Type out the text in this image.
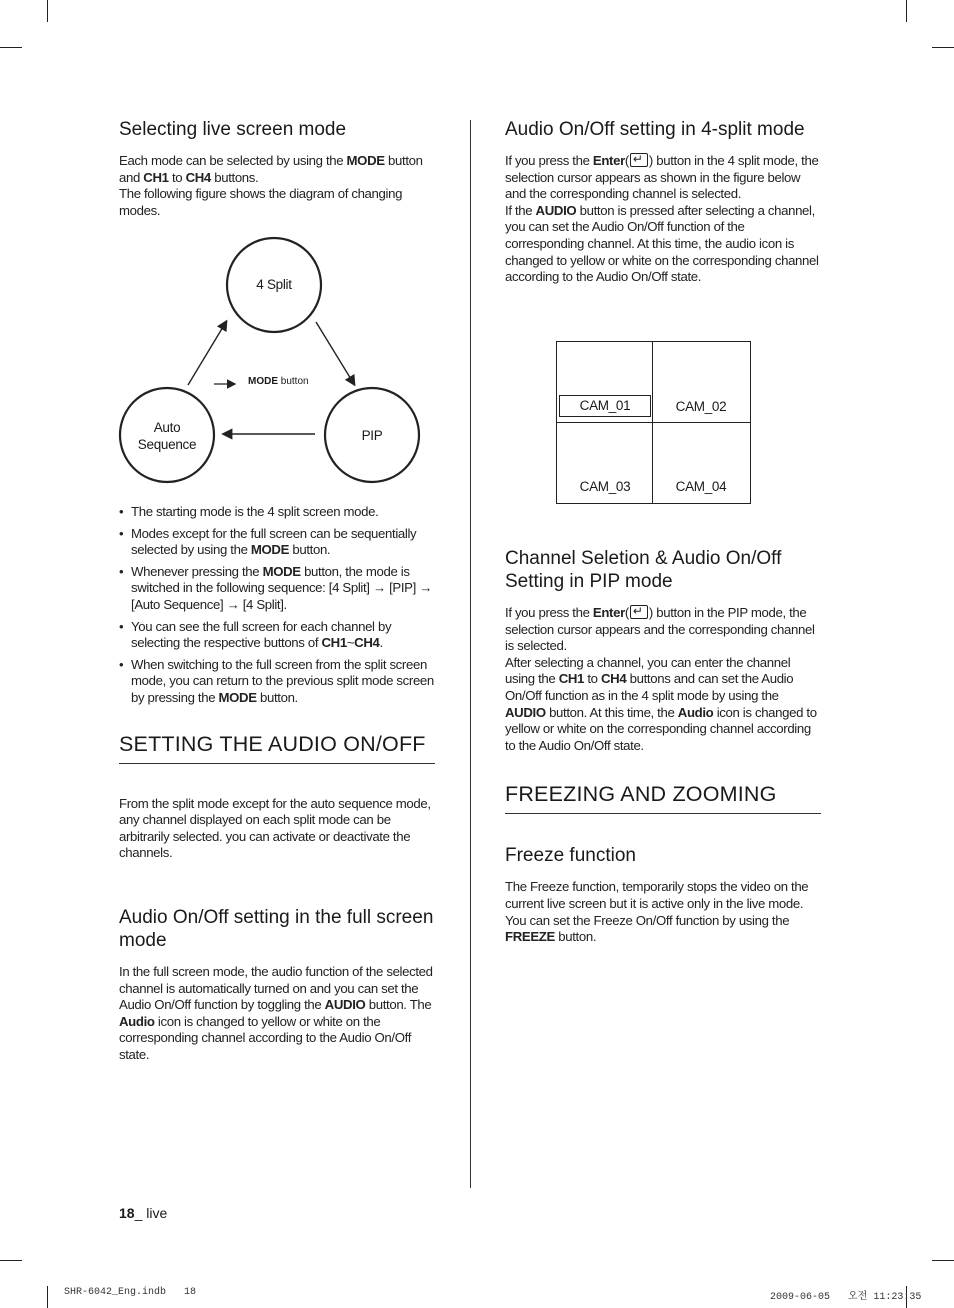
Selecting live screen mode

Each mode can be selected by using the MODE button and CH1 to CH4 buttons.

The following figure shows the diagram of changing modes.

4 Split
Auto
Sequence
PIP
MODE button
• The starting mode is the 4 split screen mode.
• Modes except for the full screen can be sequentially selected by using the MODE button.
• Whenever pressing the MODE button, the mode is switched in the following sequence: [4 Split] → [PIP] → [Auto Sequence] → [4 Split].
• You can see the full screen for each channel by selecting the respective buttons of CH1~CH4.
• When switching to the full screen from the split screen mode, you can return to the previous split mode screen by pressing the MODE button.
SETTING THE AUDIO ON/OFF

From the split mode except for the auto sequence mode, any channel displayed on each split mode can be arbitrarily selected. you can activate or deactivate the channels.

Audio On/Off setting in the full screen mode

In the full screen mode, the audio function of the selected channel is automatically turned on and you can set the Audio On/Off function by toggling the AUDIO button. The Audio icon is changed to yellow or white on the corresponding channel according to the Audio On/Off state.

Audio On/Off setting in 4-split mode

If you press the Enter( ↵ ) button in the 4 split mode, the selection cursor appears as shown in the figure below and the corresponding channel is selected.

If the AUDIO button is pressed after selecting a channel, you can set the Audio On/Off function of the corresponding channel. At this time, the audio icon is changed to yellow or white on the corresponding channel according to the Audio On/Off state.

CAM_01	CAM_02
CAM_03	CAM_04
Channel Seletion & Audio On/Off Setting in PIP mode

If you press the Enter( ↵ ) button in the PIP mode, the selection cursor appears and the corresponding channel is selected.

After selecting a channel, you can enter the channel using the CH1 to CH4 buttons and can set the Audio On/Off function as in the 4 split mode by using the AUDIO button. At this time, the Audio icon is changed to yellow or white on the corresponding channel according to the Audio On/Off state.

FREEZING AND ZOOMING
Freeze function

The Freeze function, temporarily stops the video on the current live screen but it is active only in the live mode. You can set the Freeze On/Off function by using the FREEZE button.

18_ live
SHR-6042_Eng.indb   18	2009-06-05   오전 11:23:35
